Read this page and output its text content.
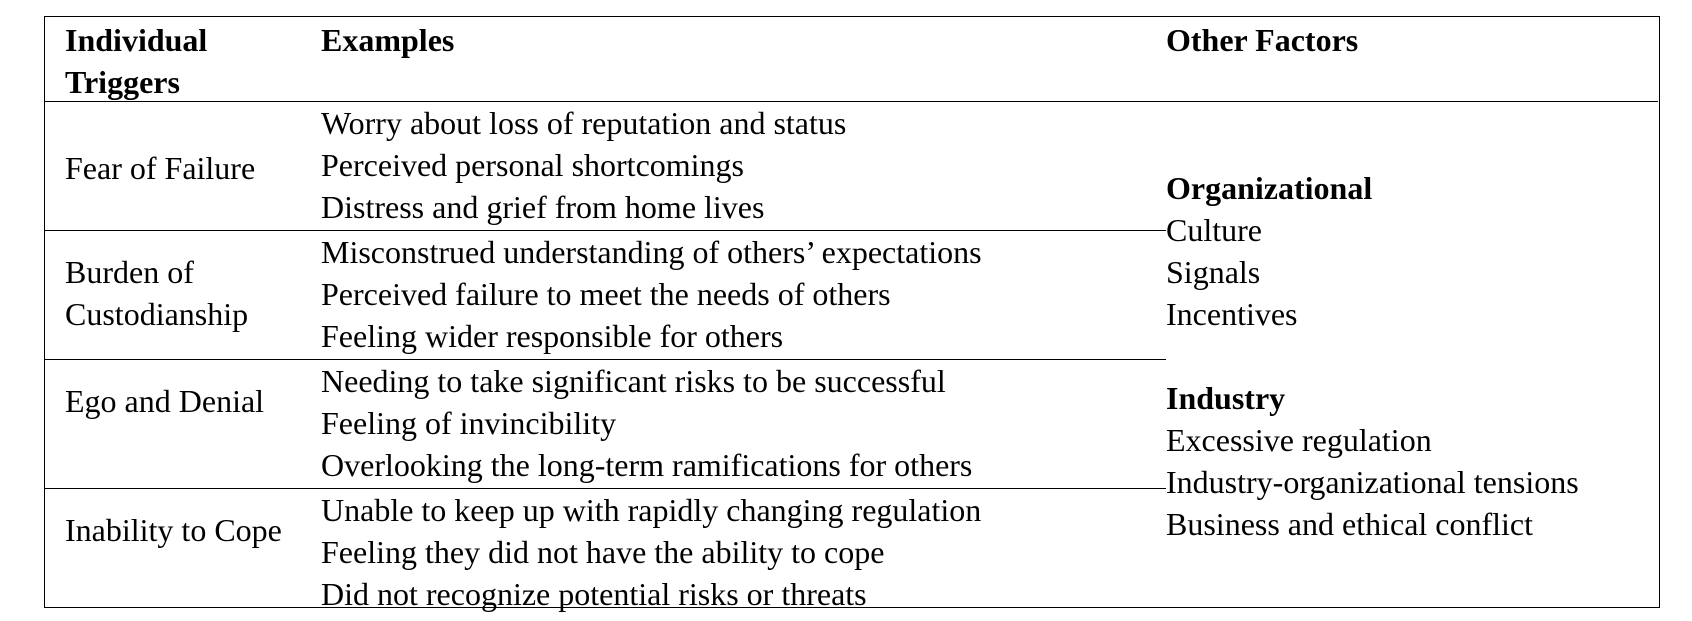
Individual Triggers
Examples	Other Factors
Fear of Failure
Worry about loss of reputation and status
Perceived personal shortcomings
Distress and grief from home lives
Burden of Custodianship
Misconstrued understanding of others’ expectations
Perceived failure to meet the needs of others
Feeling wider responsible for others
Ego and Denial
Needing to take significant risks to be successful
Feeling of invincibility
Overlooking the long-term ramifications for others
Inability to Cope
Unable to keep up with rapidly changing regulation
Feeling they did not have the ability to cope
Did not recognize potential risks or threats
Organizational
Culture
Signals
Incentives
Industry
Excessive regulation
Industry-organizational tensions
Business and ethical conflict
